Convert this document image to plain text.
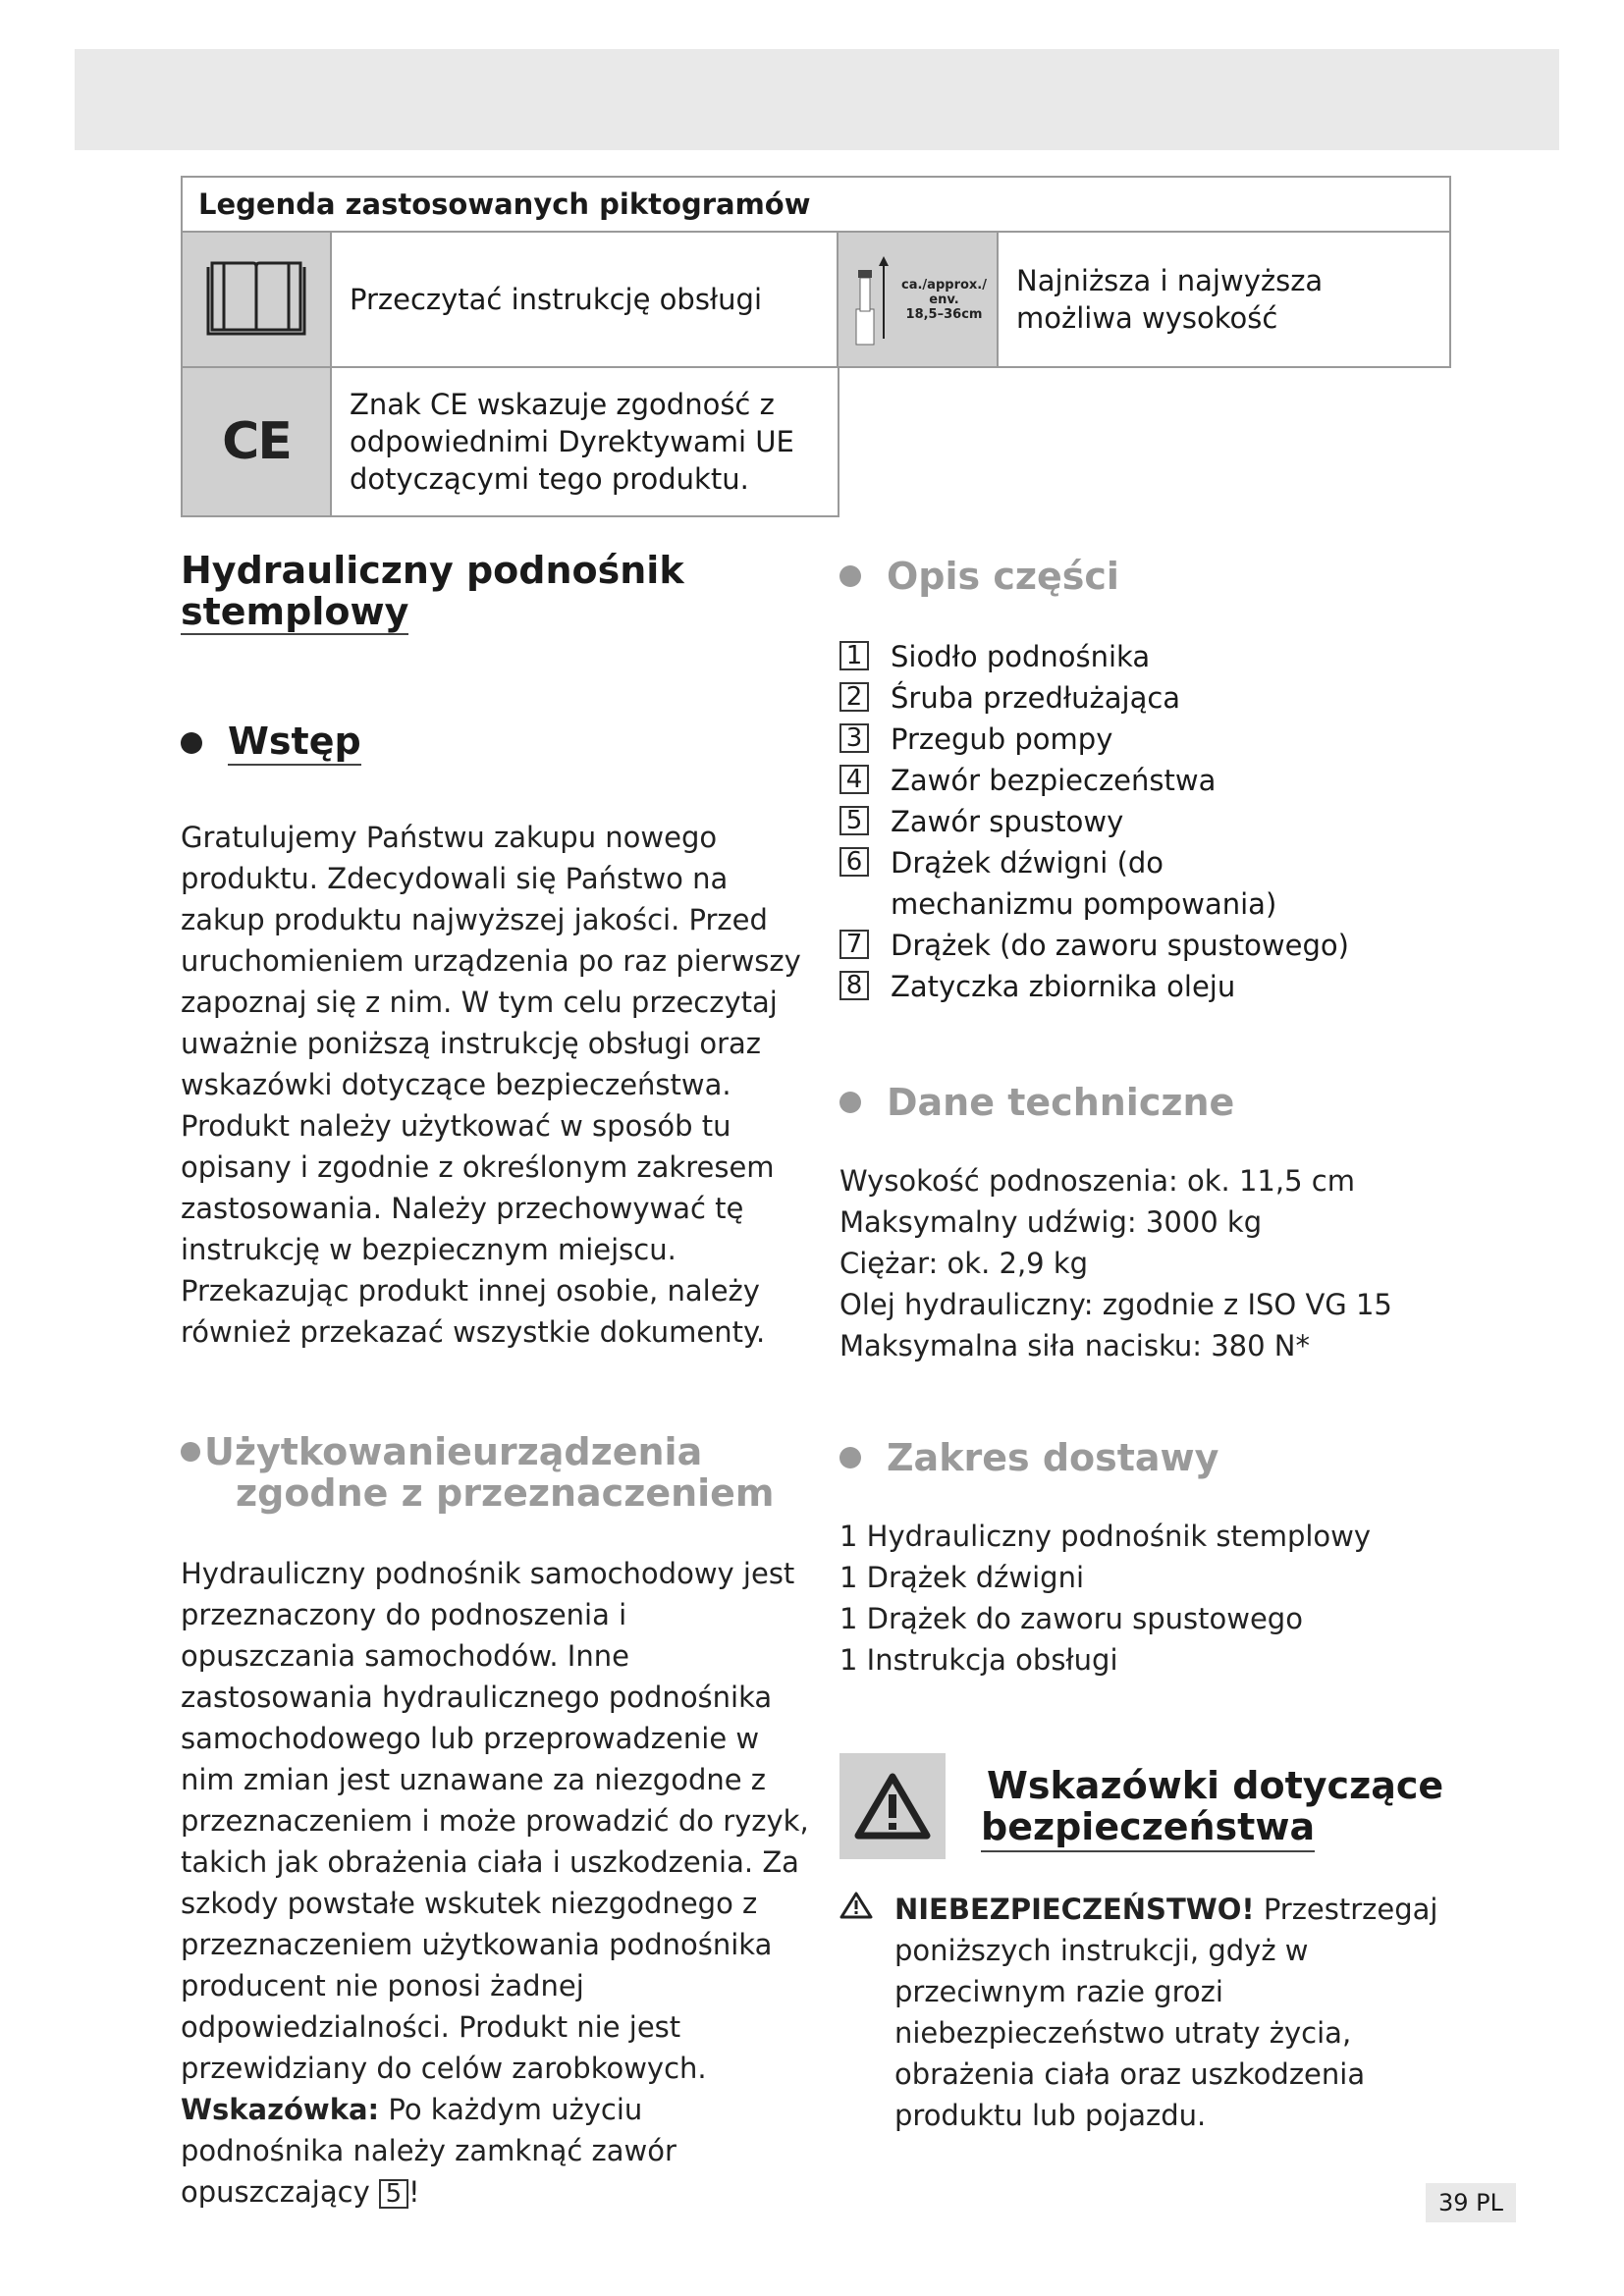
Legenda zastosowanych piktogramów
Przeczytać instrukcję obsługi	ca./approx./
env.
18,5–36cm
Najniższa i najwyższa możliwa wysokość
CE
Znak CE wskazuje zgodność z odpowiednimi Dyrektywami UE dotyczącymi tego produktu.
Hydrauliczny podnośnik
stemplowy
Wstęp

Gratulujemy Państwu zakupu nowego produktu. Zdecydowali się Państwo na zakup produktu najwyższej jakości. Przed uruchomieniem urządzenia po raz pierwszy zapoznaj się z nim. W tym celu przeczytaj uważnie poniższą instrukcję obsługi oraz wskazówki dotyczące bezpieczeństwa. Produkt należy użytkować w sposób tu opisany i zgodnie z określonym zakresem zastosowania. Należy przechowywać tę instrukcję w bezpiecznym miejscu. Przekazując produkt innej osobie, należy również przekazać wszystkie dokumenty.

Użytkowanieurządzenia
zgodne z przeznaczeniem

Hydrauliczny podnośnik samochodowy jest przeznaczony do podnoszenia i opuszczania samochodów. Inne zastosowania hydraulicznego podnośnika samochodowego lub przeprowadzenie w nim zmian jest uznawane za niezgodne z przeznaczeniem i może prowadzić do ryzyk, takich jak obrażenia ciała i uszkodzenia. Za szkody powstałe wskutek niezgodnego z przeznaczeniem użytkowania podnośnika producent nie ponosi żadnej odpowiedzialności. Produkt nie jest przewidziany do celów zarobkowych.

Wskazówka: Po każdym użyciu podnośnika należy zamknąć zawór opuszczający 5 !

Opis części
1 Siodło podnośnika
2 Śruba przedłużająca
3 Przegub pompy
4 Zawór bezpieczeństwa
5 Zawór spustowy
6 Drążek dźwigni (do mechanizmu pompowania)
7 Drążek (do zaworu spustowego)
8 Zatyczka zbiornika oleju
Dane techniczne

Wysokość podnoszenia: ok. 11,5 cm

Maksymalny udźwig: 3000 kg

Ciężar: ok. 2,9 kg

Olej hydrauliczny: zgodnie z ISO VG 15

Maksymalna siła nacisku: 380 N*

Zakres dostawy

1 Hydrauliczny podnośnik stemplowy

1 Drążek dźwigni

1 Drążek do zaworu spustowego

1 Instrukcja obsługi

Wskazówki dotyczące
bezpieczeństwa

NIEBEZPIECZEŃSTWO! Przestrzegaj poniższych instrukcji, gdyż w przeciwnym razie grozi niebezpieczeństwo utraty życia, obrażenia ciała oraz uszkodzenia produktu lub pojazdu.

39 PL
